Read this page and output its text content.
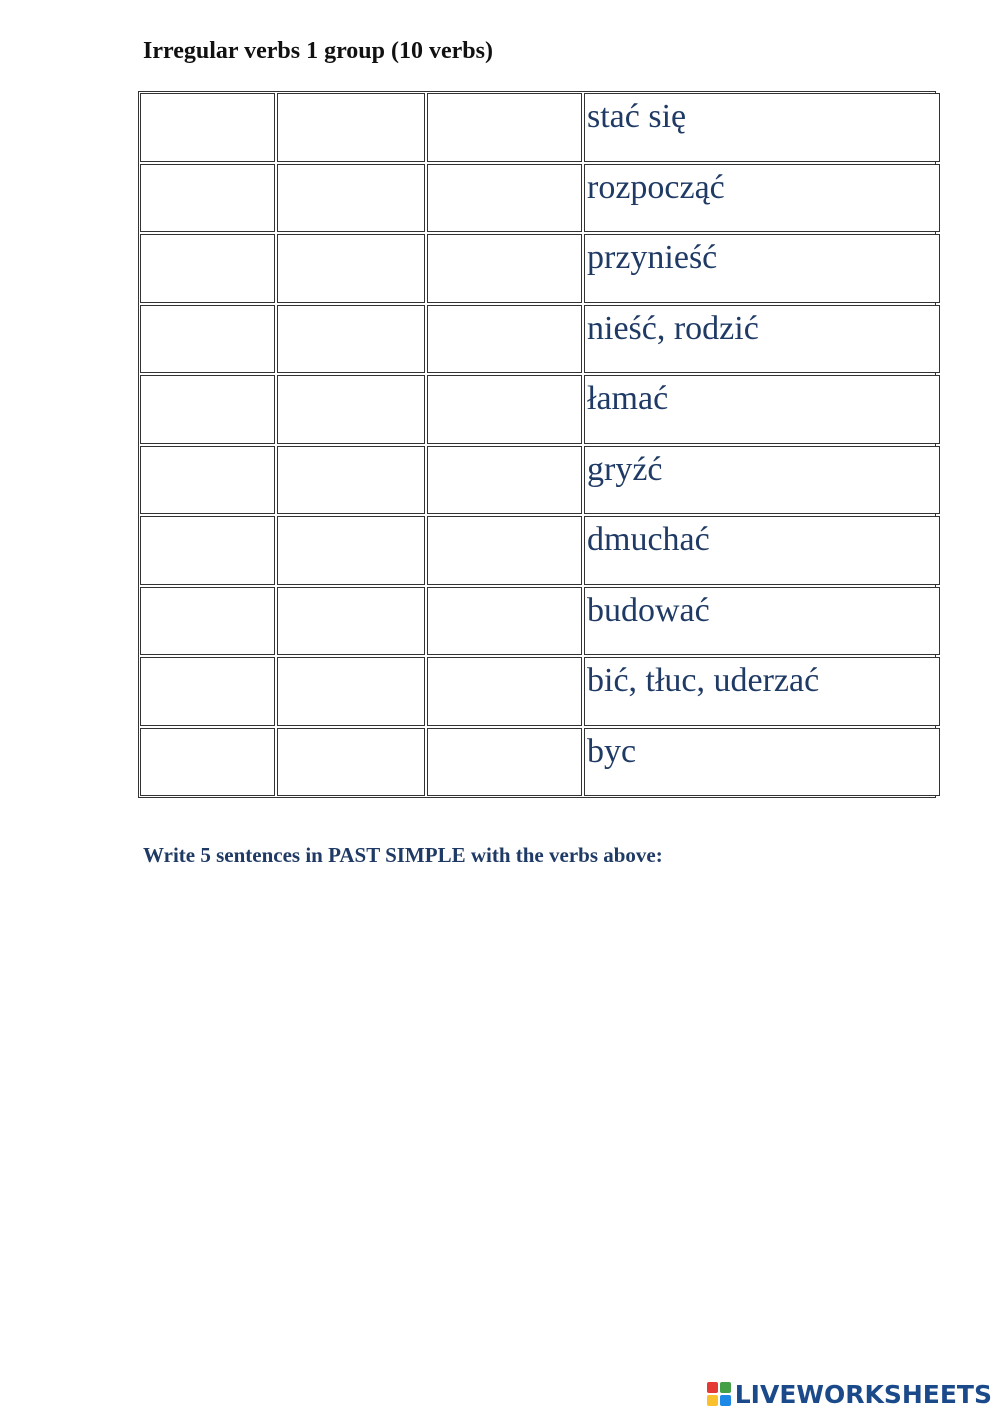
Irregular verbs 1 group (10 verbs)
stać się
rozpocząć
przynieść
nieść, rodzić
łamać
gryźć
dmuchać
budować
bić, tłuc, uderzać
byc
Write 5 sentences in PAST SIMPLE with the verbs above:
LIVEWORKSHEETS
